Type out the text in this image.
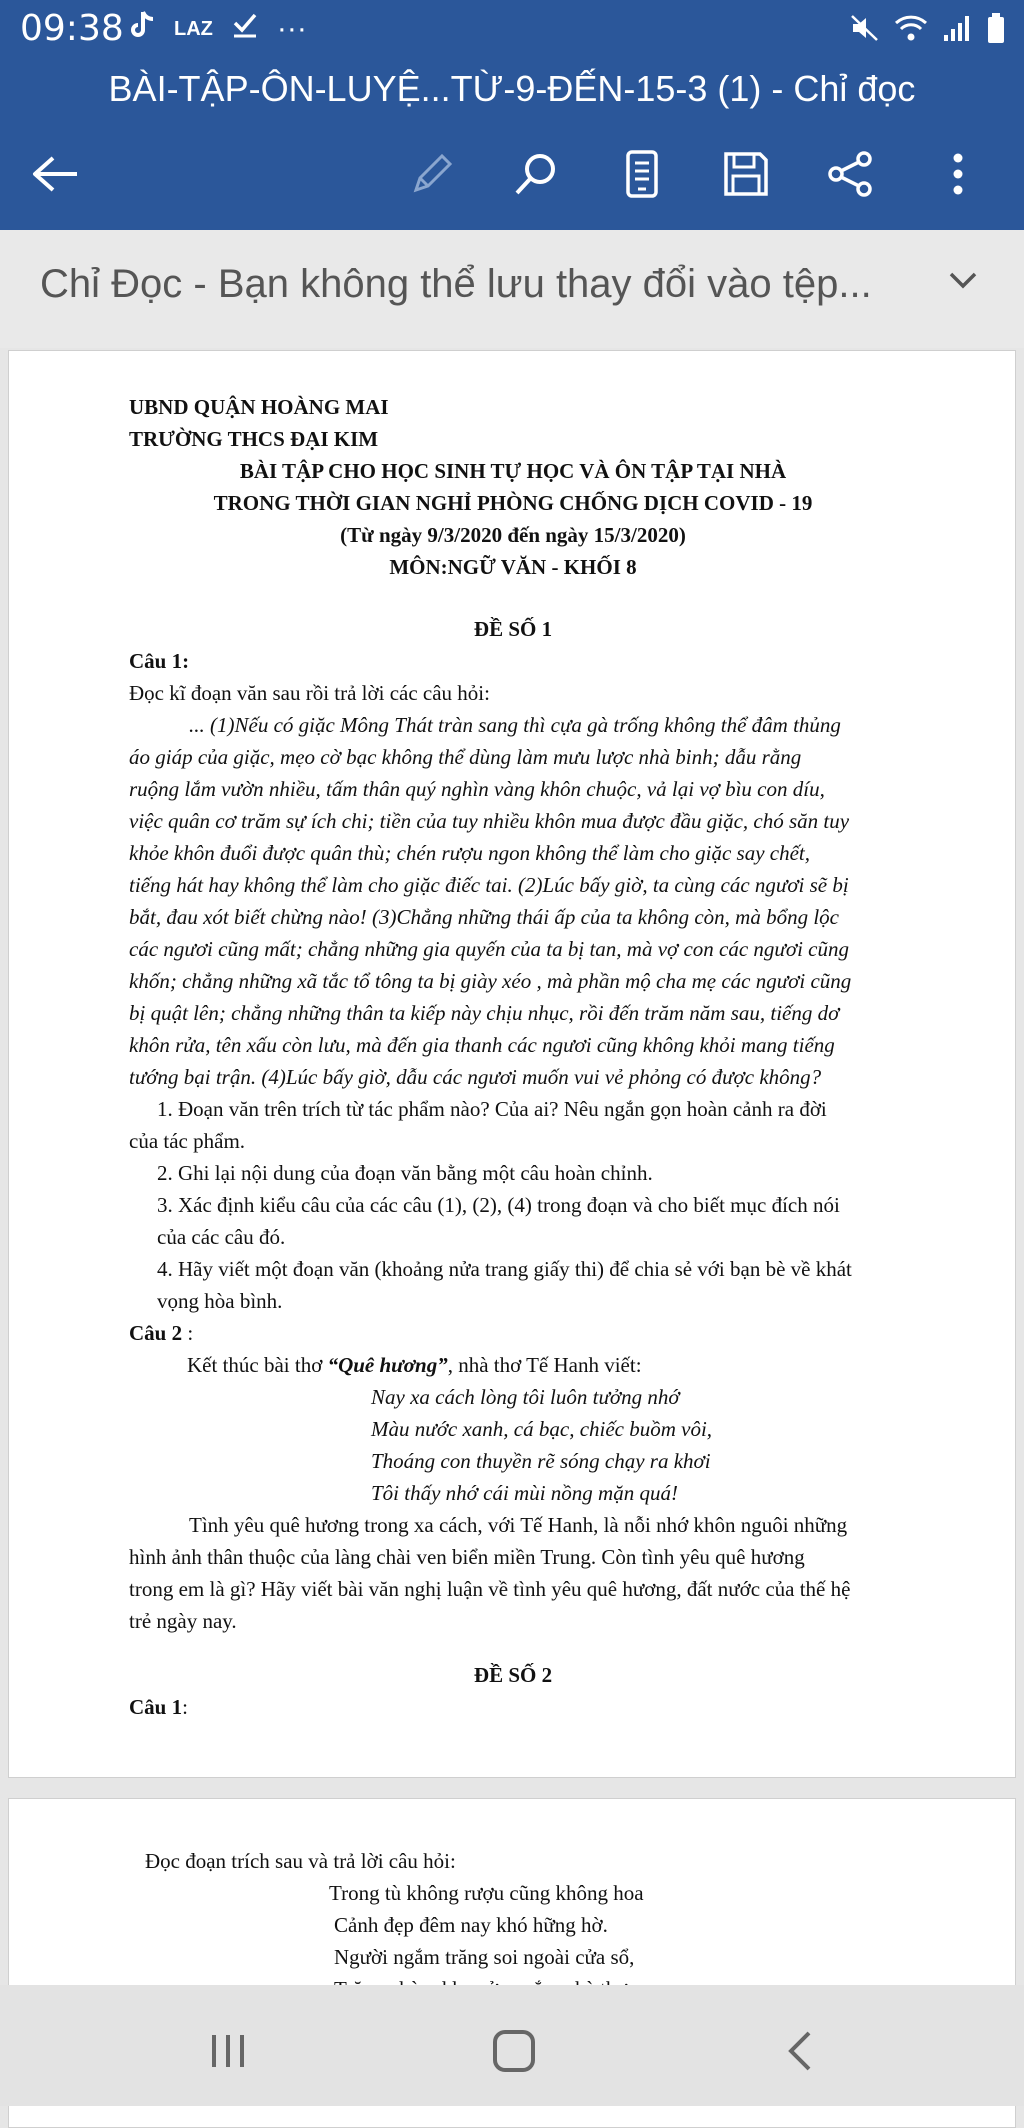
09:38	LAZ ···
BÀI-TẬP-ÔN-LUYỆ...TỪ-9-ĐẾN-15-3 (1) - Chỉ đọc
Chỉ Đọc - Bạn không thể lưu thay đổi vào tệp...
UBND QUẬN HOÀNG MAI
TRƯỜNG THCS ĐẠI KIM
BÀI TẬP CHO HỌC SINH TỰ HỌC VÀ ÔN TẬP TẠI NHÀ
TRONG THỜI GIAN NGHỈ PHÒNG CHỐNG DỊCH COVID - 19
(Từ ngày 9/3/2020 đến ngày 15/3/2020)
MÔN:NGỮ VĂN - KHỐI 8
ĐỀ SỐ 1
Câu 1:
Đọc kĩ đoạn văn sau rồi trả lời các câu hỏi:
... (1)Nếu có giặc Mông Thát tràn sang thì cựa gà trống không thể đâm thủng
áo giáp của giặc, mẹo cờ bạc không thể dùng làm mưu lược nhà binh; dẫu rằng
ruộng lắm vườn nhiều, tấm thân quý nghìn vàng khôn chuộc, vả lại vợ bìu con díu,
việc quân cơ trăm sự ích chi; tiền của tuy nhiều khôn mua được đầu giặc, chó săn tuy
khỏe khôn đuổi được quân thù; chén rượu ngon không thể làm cho giặc say chết,
tiếng hát hay không thể làm cho giặc điếc tai. (2)Lúc bấy giờ, ta cùng các ngươi sẽ bị
bắt, đau xót biết chừng nào! (3)Chẳng những thái ấp của ta không còn, mà bổng lộc
các ngươi cũng mất; chẳng những gia quyến của ta bị tan, mà vợ con các ngươi cũng
khốn; chẳng những xã tắc tổ tông ta bị giày xéo , mà phần mộ cha mẹ các ngươi cũng
bị quật lên; chẳng những thân ta kiếp này chịu nhục, rồi đến trăm năm sau, tiếng dơ
khôn rửa, tên xấu còn lưu, mà đến gia thanh các ngươi cũng không khỏi mang tiếng
tướng bại trận. (4)Lúc bấy giờ, dẫu các ngươi muốn vui vẻ phỏng có được không?
1. Đoạn văn trên trích từ tác phẩm nào? Của ai? Nêu ngắn gọn hoàn cảnh ra đời
của tác phẩm.
2. Ghi lại nội dung của đoạn văn bằng một câu hoàn chỉnh.
3. Xác định kiểu câu của các câu (1), (2), (4) trong đoạn và cho biết mục đích nói
của các câu đó.
4. Hãy viết một đoạn văn (khoảng nửa trang giấy thi) để chia sẻ với bạn bè về khát
vọng hòa bình.
Câu 2 :
Kết thúc bài thơ “Quê hương”, nhà thơ Tế Hanh viết:
Nay xa cách lòng tôi luôn tưởng nhớ
Màu nước xanh, cá bạc, chiếc buồm vôi,
Thoáng con thuyền rẽ sóng chạy ra khơi
Tôi thấy nhớ cái mùi nồng mặn quá!
Tình yêu quê hương trong xa cách, với Tế Hanh, là nỗi nhớ khôn nguôi những
hình ảnh thân thuộc của làng chài ven biển miền Trung. Còn tình yêu quê hương
trong em là gì? Hãy viết bài văn nghị luận về tình yêu quê hương, đất nước của thế hệ
trẻ ngày nay.
ĐỀ SỐ 2
Câu 1:
Đọc đoạn trích sau và trả lời câu hỏi:
Trong tù không rượu cũng không hoa
Cảnh đẹp đêm nay khó hững hờ.
Người ngắm trăng soi ngoài cửa sổ,
